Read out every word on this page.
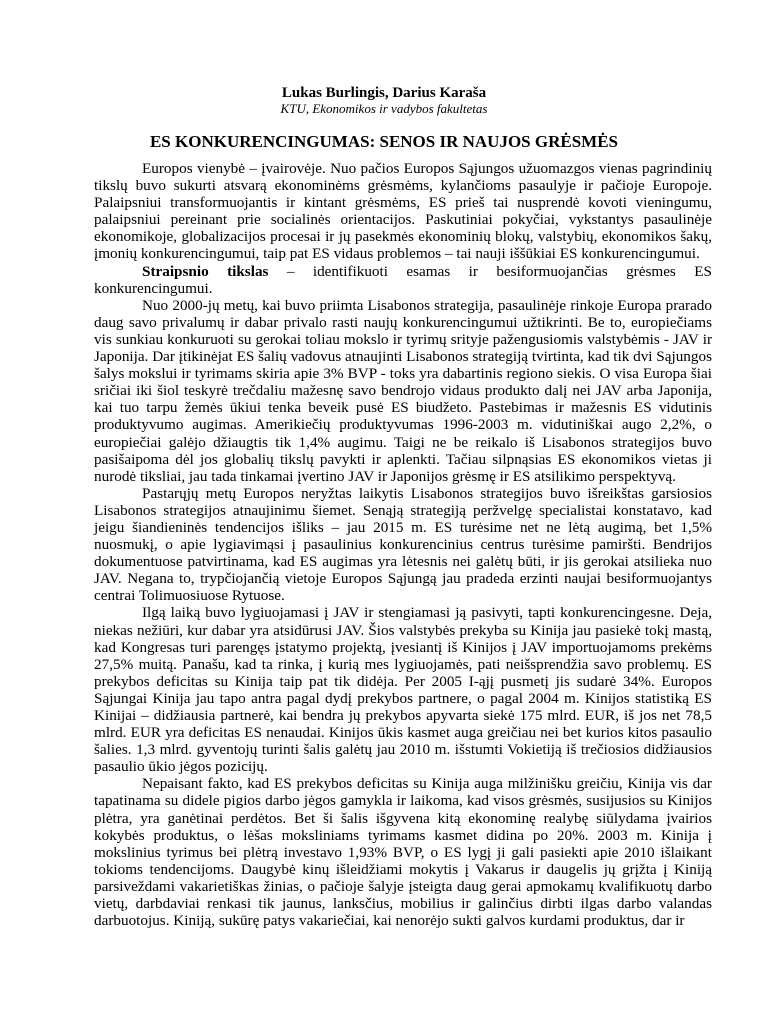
Lukas Burlingis, Darius Karaša
KTU, Ekonomikos ir vadybos fakultetas
ES KONKURENCINGUMAS: SENOS IR NAUJOS GRĖSMĖS

Europos vienybė – įvairovėje. Nuo pačios Europos Sąjungos užuomazgos vienas pagrindinių tikslų buvo sukurti atsvarą ekonominėms grėsmėms, kylančioms pasaulyje ir pačioje Europoje. Palaipsniui transformuojantis ir kintant grėsmėms, ES prieš tai nusprendė kovoti vieningumu, palaipsniui pereinant prie socialinės orientacijos. Paskutiniai pokyčiai, vykstantys pasaulinėje ekonomikoje, globalizacijos procesai ir jų pasekmės ekonominių blokų, valstybių, ekonomikos šakų, įmonių konkurencingumui, taip pat ES vidaus problemos – tai nauji iššūkiai ES konkurencingumui.

Straipsnio tikslas – identifikuoti esamas ir besiformuojančias grėsmes ES konkurencingumui.

Nuo 2000-jų metų, kai buvo priimta Lisabonos strategija, pasaulinėje rinkoje Europa prarado daug savo privalumų ir dabar privalo rasti naujų konkurencingumui užtikrinti. Be to, europiečiams vis sunkiau konkuruoti su gerokai toliau mokslo ir tyrimų srityje pažengusiomis valstybėmis - JAV ir Japonija. Dar įtikinėjat ES šalių vadovus atnaujinti Lisabonos strategiją tvirtinta, kad tik dvi Sąjungos šalys mokslui ir tyrimams skiria apie 3% BVP - toks yra dabartinis regiono siekis. O visa Europa šiai sričiai iki šiol teskyrė trečdaliu mažesnę savo bendrojo vidaus produkto dalį nei JAV arba Japonija, kai tuo tarpu žemės ūkiui tenka beveik pusė ES biudžeto. Pastebimas ir mažesnis ES vidutinis produktyvumo augimas. Amerikiečių produktyvumas 1996-2003 m. vidutiniškai augo 2,2%, o europiečiai galėjo džiaugtis tik 1,4% augimu. Taigi ne be reikalo iš Lisabonos strategijos buvo pasišaipoma dėl jos globalių tikslų pavykti ir aplenkti. Tačiau silpnąsias ES ekonomikos vietas ji nurodė tiksliai, jau tada tinkamai įvertino JAV ir Japonijos grėsmę ir ES atsilikimo perspektyvą.

Pastarųjų metų Europos neryžtas laikytis Lisabonos strategijos buvo išreikštas garsiosios Lisabonos strategijos atnaujinimu šiemet. Senąją strategiją peržvelgę specialistai konstatavo, kad jeigu šiandieninės tendencijos išliks – jau 2015 m. ES turėsime net ne lėtą augimą, bet 1,5% nuosmukį, o apie lygiavimąsi į pasaulinius konkurencinius centrus turėsime pamiršti. Bendrijos dokumentuose patvirtinama, kad ES augimas yra lėtesnis nei galėtų būti, ir jis gerokai atsilieka nuo JAV. Negana to, trypčiojančią vietoje Europos Sąjungą jau pradeda erzinti naujai besiformuojantys centrai Tolimuosiuose Rytuose.

Ilgą laiką buvo lygiuojamasi į JAV ir stengiamasi ją pasivyti, tapti konkurencingesne. Deja, niekas nežiūri, kur dabar yra atsidūrusi JAV. Šios valstybės prekyba su Kinija jau pasiekė tokį mastą, kad Kongresas turi parengęs įstatymo projektą, įvesiantį iš Kinijos į JAV importuojamoms prekėms 27,5% muitą. Panašu, kad ta rinka, į kurią mes lygiuojamės, pati neišsprendžia savo problemų. ES prekybos deficitas su Kinija taip pat tik didėja. Per 2005 I-ąjį pusmetį jis sudarė 34%. Europos Sąjungai Kinija jau tapo antra pagal dydį prekybos partnere, o pagal 2004 m. Kinijos statistiką ES Kinijai – didžiausia partnerė, kai bendra jų prekybos apyvarta siekė 175 mlrd. EUR, iš jos net 78,5 mlrd. EUR yra deficitas ES nenaudai. Kinijos ūkis kasmet auga greičiau nei bet kurios kitos pasaulio šalies. 1,3 mlrd. gyventojų turinti šalis galėtų jau 2010 m. išstumti Vokietiją iš trečiosios didžiausios pasaulio ūkio jėgos pozicijų.

Nepaisant fakto, kad ES prekybos deficitas su Kinija auga milžinišku greičiu, Kinija vis dar tapatinama su didele pigios darbo jėgos gamykla ir laikoma, kad visos grėsmės, susijusios su Kinijos plėtra, yra ganėtinai perdėtos. Bet ši šalis išgyvena kitą ekonominę realybę siūlydama įvairios kokybės produktus, o lėšas moksliniams tyrimams kasmet didina po 20%. 2003 m. Kinija į mokslinius tyrimus bei plėtrą investavo 1,93% BVP, o ES lygį ji gali pasiekti apie 2010 išlaikant tokioms tendencijoms. Daugybė kinų išleidžiami mokytis į Vakarus ir daugelis jų grįžta į Kiniją parsiveždami vakarietiškas žinias, o pačioje šalyje įsteigta daug gerai apmokamų kvalifikuotų darbo vietų, darbdaviai renkasi tik jaunus, lanksčius, mobilius ir galinčius dirbti ilgas darbo valandas darbuotojus. Kiniją, sukūrę patys vakariečiai, kai nenorėjo sukti galvos kurdami produktus, dar ir
